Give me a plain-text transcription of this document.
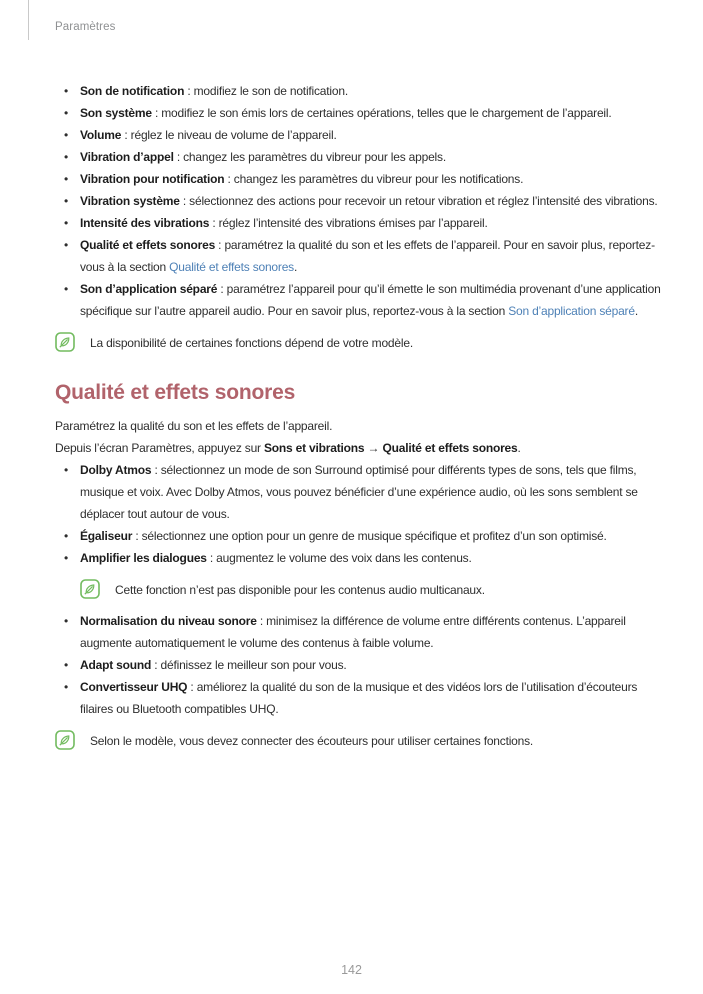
Paramètres
• Son de notification : modifiez le son de notification.
• Son système : modifiez le son émis lors de certaines opérations, telles que le chargement de l’appareil.
• Volume : réglez le niveau de volume de l’appareil.
• Vibration d’appel : changez les paramètres du vibreur pour les appels.
• Vibration pour notification : changez les paramètres du vibreur pour les notifications.
• Vibration système : sélectionnez des actions pour recevoir un retour vibration et réglez l’intensité des vibrations.
• Intensité des vibrations : réglez l’intensité des vibrations émises par l’appareil.
• Qualité et effets sonores : paramétrez la qualité du son et les effets de l’appareil. Pour en savoir plus, reportez-vous à la section Qualité et effets sonores.
• Son d’application séparé : paramétrez l’appareil pour qu’il émette le son multimédia provenant d’une application spécifique sur l’autre appareil audio. Pour en savoir plus, reportez-vous à la section Son d’application séparé.
La disponibilité de certaines fonctions dépend de votre modèle.
Qualité et effets sonores
Paramétrez la qualité du son et les effets de l’appareil.
Depuis l’écran Paramètres, appuyez sur Sons et vibrations → Qualité et effets sonores.
• Dolby Atmos : sélectionnez un mode de son Surround optimisé pour différents types de sons, tels que films, musique et voix. Avec Dolby Atmos, vous pouvez bénéficier d’une expérience audio, où les sons semblent se déplacer tout autour de vous.
• Égaliseur : sélectionnez une option pour un genre de musique spécifique et profitez d’un son optimisé.
• Amplifier les dialogues : augmentez le volume des voix dans les contenus.
Cette fonction n’est pas disponible pour les contenus audio multicanaux.
• Normalisation du niveau sonore : minimisez la différence de volume entre différents contenus. L’appareil augmente automatiquement le volume des contenus à faible volume.
• Adapt sound : définissez le meilleur son pour vous.
• Convertisseur UHQ : améliorez la qualité du son de la musique et des vidéos lors de l’utilisation d’écouteurs filaires ou Bluetooth compatibles UHQ.
Selon le modèle, vous devez connecter des écouteurs pour utiliser certaines fonctions.
142
